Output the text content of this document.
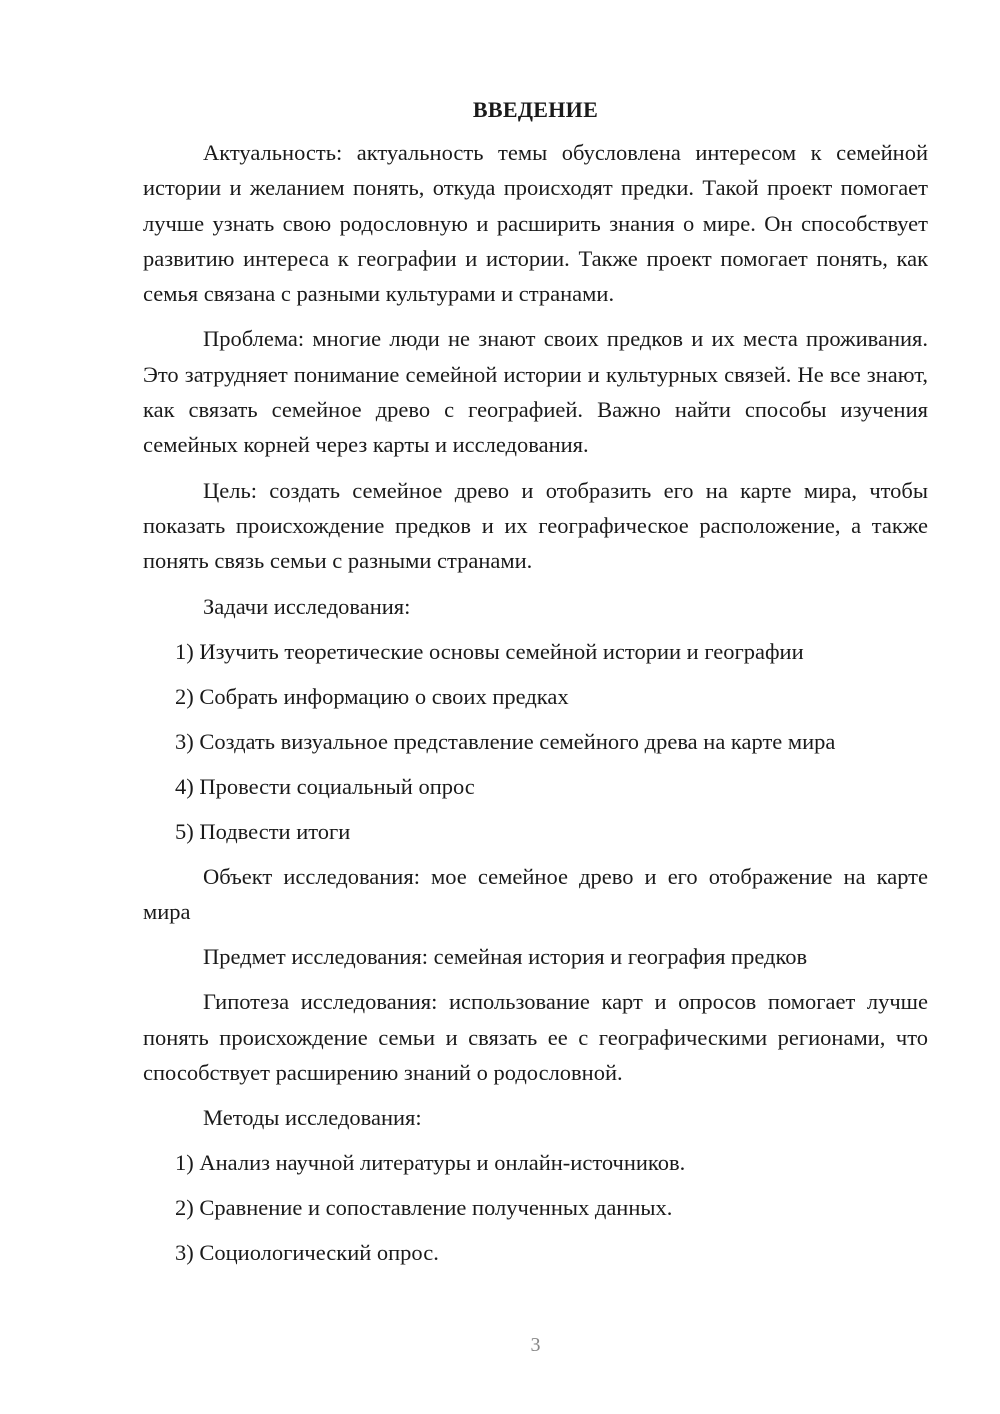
ВВЕДЕНИЕ

Актуальность: актуальность темы обусловлена интересом к семейной истории и желанием понять, откуда происходят предки. Такой проект помогает лучше узнать свою родословную и расширить знания о мире. Он способствует развитию интереса к географии и истории. Также проект помогает понять, как семья связана с разными культурами и странами.

Проблема: многие люди не знают своих предков и их места проживания. Это затрудняет понимание семейной истории и культурных связей. Не все знают, как связать семейное древо с географией. Важно найти способы изучения семейных корней через карты и исследования.

Цель: создать семейное древо и отобразить его на карте мира, чтобы показать происхождение предков и их географическое расположение, а также понять связь семьи с разными странами.

Задачи исследования:
1) Изучить теоретические основы семейной истории и географии
2) Собрать информацию о своих предках
3) Создать визуальное представление семейного древа на карте мира
4) Провести социальный опрос
5) Подвести итоги

Объект исследования: мое семейное древо и его отображение на карте мира

Предмет исследования: семейная история и география предков

Гипотеза исследования: использование карт и опросов помогает лучше понять происхождение семьи и связать ее с географическими регионами, что способствует расширению знаний о родословной.

Методы исследования:
1) Анализ научной литературы и онлайн-источников.
2) Сравнение и сопоставление полученных данных.
3) Социологический опрос.
3
